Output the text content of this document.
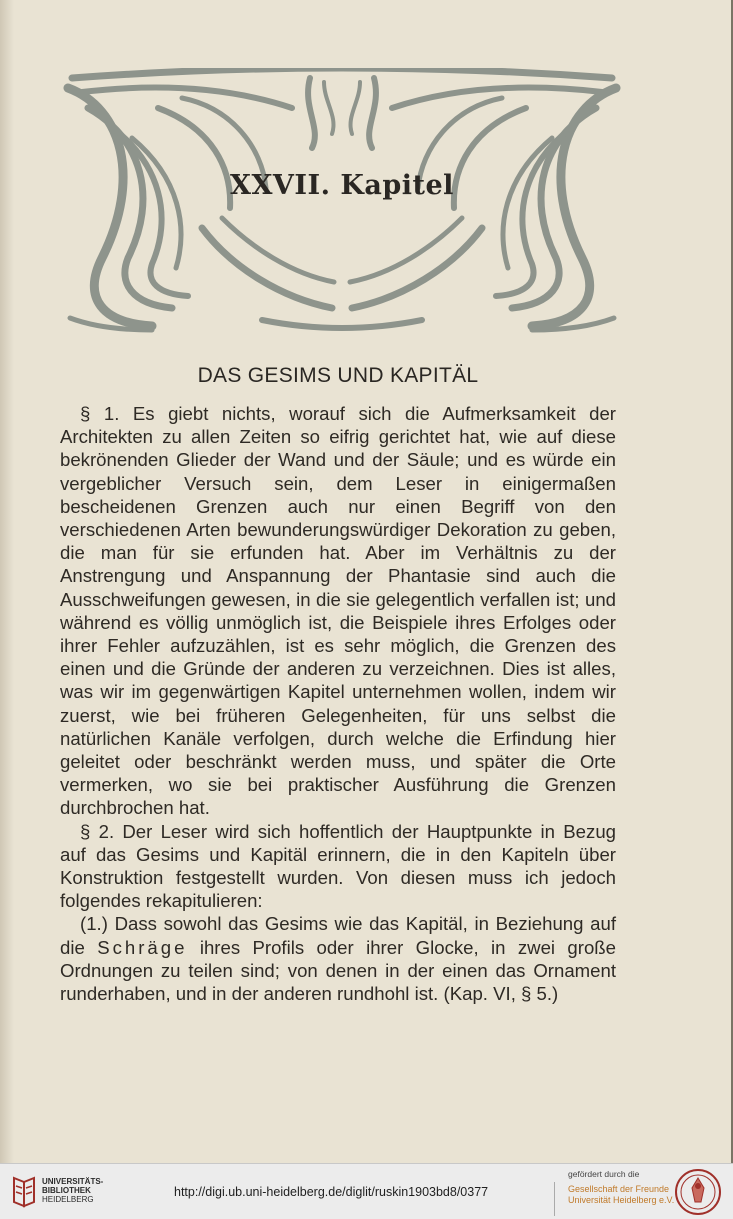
XXVII. Kapitel
DAS GESIMS UND KAPITÄL

§ 1. Es giebt nichts, worauf sich die Aufmerksamkeit der Architekten zu allen Zeiten so eifrig gerichtet hat, wie auf diese bekrönenden Glieder der Wand und der Säule; und es würde ein vergeblicher Versuch sein, dem Leser in einigermaßen bescheidenen Grenzen auch nur einen Begriff von den verschiedenen Arten bewunderungswürdiger Dekoration zu geben, die man für sie erfunden hat. Aber im Verhältnis zu der Anstrengung und Anspannung der Phantasie sind auch die Ausschweifungen gewesen, in die sie gelegentlich verfallen ist; und während es völlig unmöglich ist, die Beispiele ihres Erfolges oder ihrer Fehler aufzuzählen, ist es sehr möglich, die Grenzen des einen und die Gründe der anderen zu verzeichnen. Dies ist alles, was wir im gegenwärtigen Kapitel unternehmen wollen, indem wir zuerst, wie bei früheren Gelegenheiten, für uns selbst die natürlichen Kanäle verfolgen, durch welche die Erfindung hier geleitet oder beschränkt werden muss, und später die Orte vermerken, wo sie bei praktischer Ausführung die Grenzen durchbrochen hat.

§ 2. Der Leser wird sich hoffentlich der Hauptpunkte in Bezug auf das Gesims und Kapitäl erinnern, die in den Kapiteln über Konstruktion festgestellt wurden. Von diesen muss ich jedoch folgendes rekapitulieren:

(1.) Dass sowohl das Gesims wie das Kapitäl, in Beziehung auf die Schräge ihres Profils oder ihrer Glocke, in zwei große Ordnungen zu teilen sind; von denen in der einen das Ornament runderhaben, und in der anderen rundhohl ist. (Kap. VI, § 5.)

UNIVERSITÄTS-
BIBLIOTHEK
HEIDELBERG
http://digi.ub.uni-heidelberg.de/diglit/ruskin1903bd8/0377
gefördert durch die
Gesellschaft der Freunde
Universität Heidelberg e.V.
